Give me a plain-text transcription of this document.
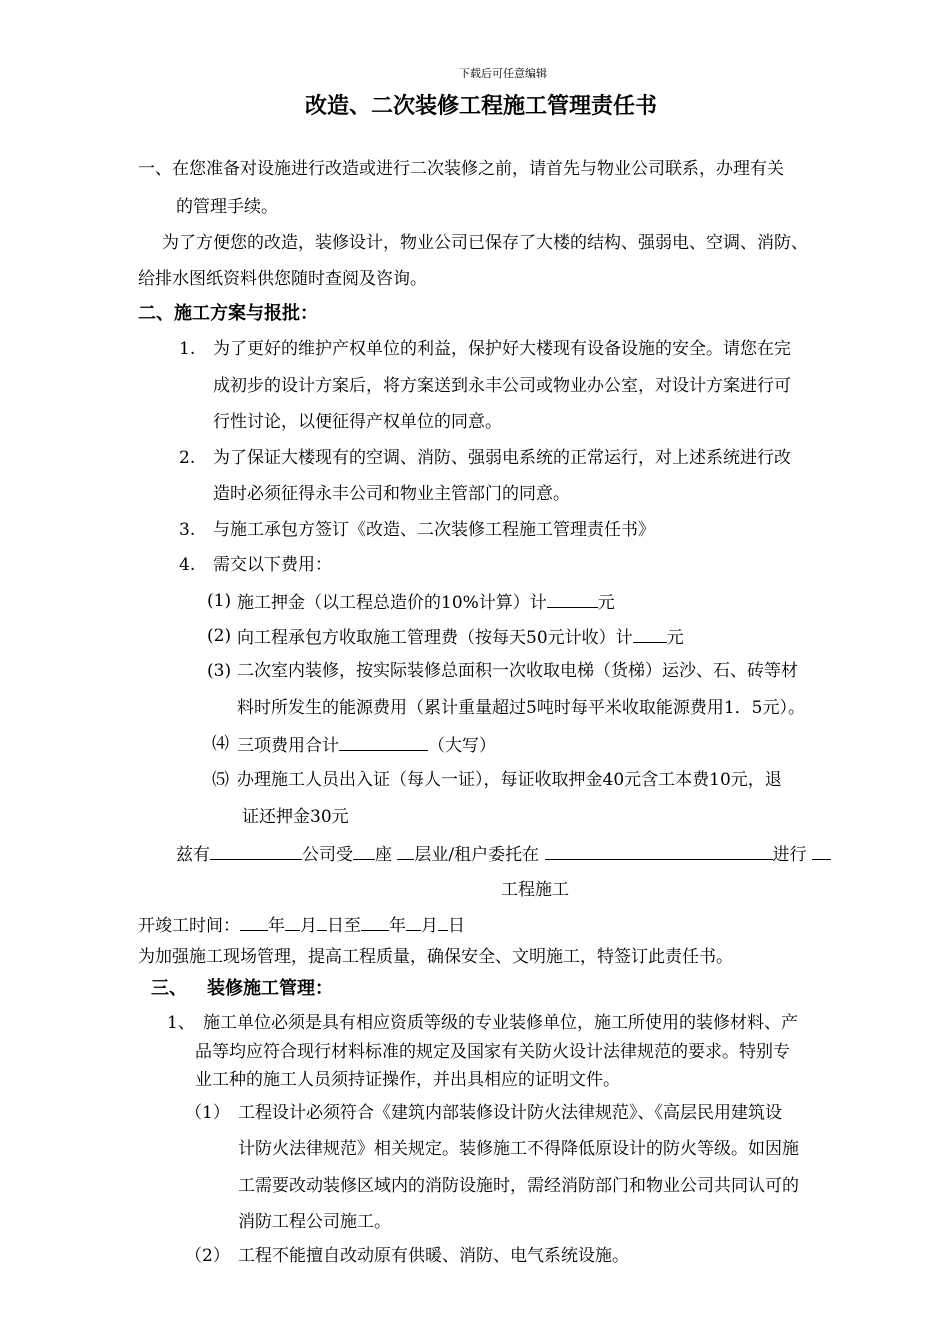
下载后可任意编辑
改造、二次装修工程施工管理责任书
一、在您准备对设施进行改造或进行二次装修之前，请首先与物业公司联系，办理有关
的管理手续。
为了方便您的改造，装修设计，物业公司已保存了大楼的结构、强弱电、空调、消防、
给排水图纸资料供您随时查阅及咨询。
二、施工方案与报批：
1. 为了更好的维护产权单位的利益，保护好大楼现有设备设施的安全。请您在完
成初步的设计方案后，将方案送到永丰公司或物业办公室，对设计方案进行可
行性讨论，以便征得产权单位的同意。
2. 为了保证大楼现有的空调、消防、强弱电系统的正常运行，对上述系统进行改
造时必须征得永丰公司和物业主管部门的同意。
3. 与施工承包方签订《改造、二次装修工程施工管理责任书》
4. 需交以下费用：
(1) 施工押金（以工程总造价的10%计算）计	元
(2) 向工程承包方收取施工管理费（按每天50元计收）计 元
(3) 二次室内装修，按实际装修总面积一次收取电梯（货梯）运沙、石、砖等材
料时所发生的能源费用（累计重量超过5吨时每平米收取能源费用1．5元）。
⑷ 三项费用合计	（大写）
⑸ 办理施工人员出入证（每人一证），每证收取押金40元含工本费10元，退
证还押金30元
兹有	公司受 座 层业/租户委托在	进行
工程施工
开竣工时间： 年 月 日至 年 月 日
为加强施工现场管理，提高工程质量，确保安全、文明施工，特签订此责任书。
三、 装修施工管理：
1、 施工单位必须是具有相应资质等级的专业装修单位，施工所使用的装修材料、产
品等均应符合现行材料标准的规定及国家有关防火设计法律规范的要求。特别专
业工种的施工人员须持证操作，并出具相应的证明文件。
（1） 工程设计必须符合《建筑内部装修设计防火法律规范》、《高层民用建筑设
计防火法律规范》相关规定。装修施工不得降低原设计的防火等级。如因施
工需要改动装修区域内的消防设施时，需经消防部门和物业公司共同认可的
消防工程公司施工。
（2） 工程不能擅自改动原有供暖、消防、电气系统设施。
